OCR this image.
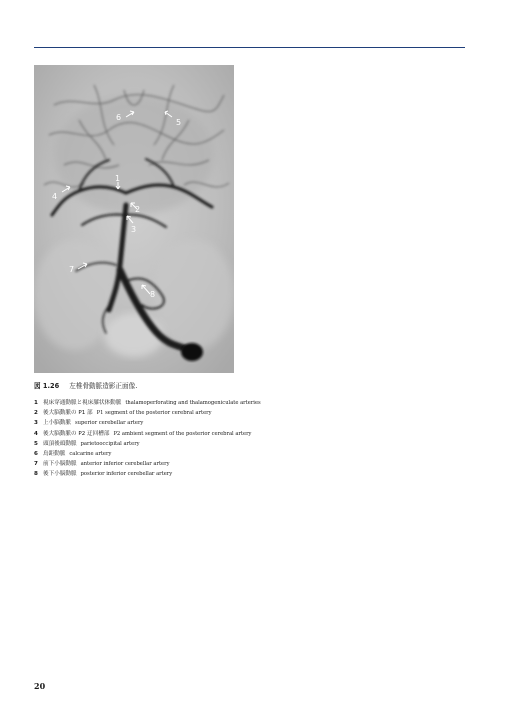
6
5
1
4
2
3
7
8
図 1.26 左椎骨動脈造影正面像.
1 視床穿通動脈と視床膝状体動脈 thalamoperforating and thalamogeniculate arteries
2 後大脳動脈の P1 部 P1 segment of the posterior cerebral artery
3 上小脳動脈 superior cerebellar artery
4 後大脳動脈の P2 迂回槽部 P2 ambient segment of the posterior cerebral artery
5 頭頂後頭動脈 parietooccipital artery
6 鳥距動脈 calcarine artery
7 前下小脳動脈 anterior inferior cerebellar artery
8 後下小脳動脈 posterior inferior cerebellar artery
20
